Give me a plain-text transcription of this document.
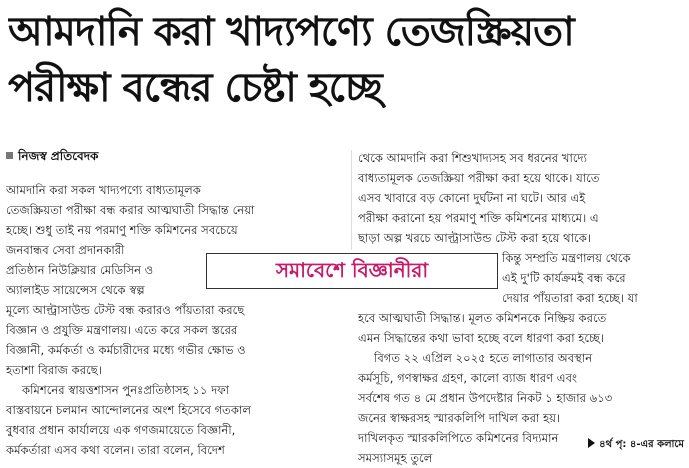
আমদানি করা খাদ্যপণ্যে তেজস্ক্রিয়তা
পরীক্ষা বন্ধের চেষ্টা হচ্ছে
নিজস্ব প্রতিবেদক
আমদানি করা সকল খাদ্যপণ্যে বাধ্যতামূলক
তেজস্ক্রিয়তা পরীক্ষা বন্ধ করার আত্মঘাতী সিদ্ধান্ত নেয়া
হচ্ছে। শুধু তাই নয় পরমাণু শক্তি কমিশনের সবচেয়ে
জনবান্ধব সেবা প্রদানকারী
প্রতিষ্ঠান নিউক্লিয়ার মেডিসিন ও
অ্যালাইড সায়েন্সেস থেকে স্বল্প
মূল্যে আল্ট্রাসাউন্ড টেস্ট বন্ধ করারও পাঁয়তারা করছে
বিজ্ঞান ও প্রযুক্তি মন্ত্রণালয়। এতে করে সকল স্তরের
বিজ্ঞানী, কর্মকর্তা ও কর্মচারীদের মধ্যে গভীর ক্ষোভ ও
হতাশা বিরাজ করছে।
কমিশনের স্বায়ত্তশাসন পুনঃপ্রতিষ্ঠাসহ ১১ দফা
বাস্তবায়নে চলমান আন্দোলনের অংশ হিসেবে গতকাল
বুধবার প্রধান কার্যালয়ে এক গণজমায়েতে বিজ্ঞানী,
কর্মকর্তারা এসব কথা বলেন। তারা বলেন, বিদেশ
থেকে আমদানি করা শিশুখাদ্যসহ সব ধরনের খাদ্যে
বাধ্যতামূলক তেজস্ক্রিয়া পরীক্ষা করা হয়ে থাকে। যাতে
এসব খাবারে বড় কোনো দুর্ঘটনা না ঘটে। আর এই
পরীক্ষা করানো হয় পরমাণু শক্তি কমিশনের মাধ্যমে। এ
ছাড়া অল্প খরচে আল্ট্রাসাউন্ড টেস্ট করা হয়ে থাকে।
কিন্তু সম্প্রতি মন্ত্রণালয় থেকে
এই দু'টি কার্যক্রমই বন্ধ করে
দেয়ার পাঁয়তারা করা হচ্ছে। যা
হবে আত্মঘাতী সিদ্ধান্ত। মূলত কমিশনকে নিষ্ক্রিয় করতে
এমন সিদ্ধান্তের কথা ভাবা হচ্ছে বলে ধারণা করা হচ্ছে।
বিগত ২২ এপ্রিল ২০২৫ হতে লাগাতার অবস্থান
কর্মসূচি, গণস্বাক্ষর গ্রহণ, কালো ব্যাজ ধারণ এবং
সর্বশেষ গত ৪ মে প্রধান উপদেষ্টার নিকট ১ হাজার ৬১৩
জনের স্বাক্ষরসহ স্মারকলিপি দাখিল করা হয়।
দাখিলকৃত স্মারকলিপিতে কমিশনের বিদ্যমান
সমস্যাসমূহ তুলে
সমাবেশে বিজ্ঞানীরা
৪র্থ পৃ: ৪-এর কলামে
